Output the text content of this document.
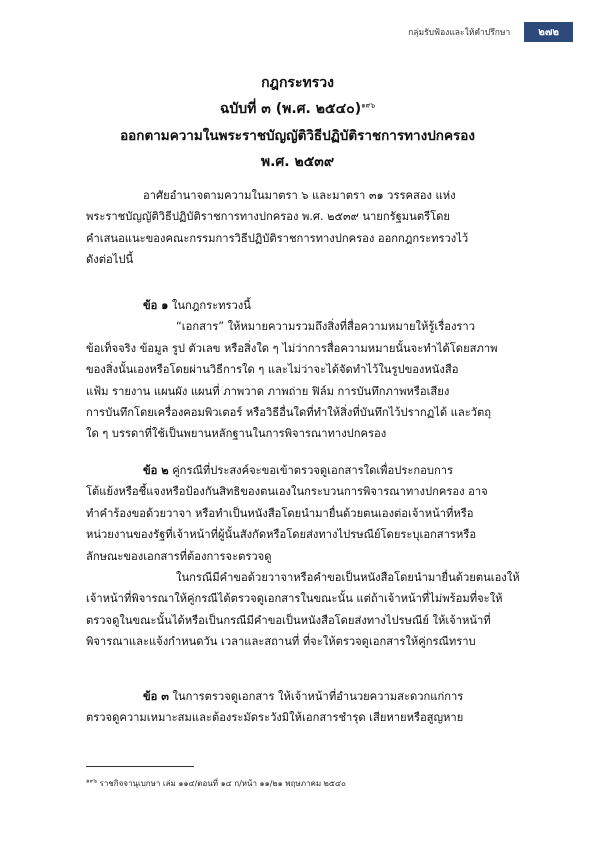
กลุ่มรับฟ้องและให้คำปรึกษา	๒๗๒
กฎกระทรวง
ฉบับที่ ๓ (พ.ศ. ๒๕๔๐)$^{๑๙๖}$
ออกตามความในพระราชบัญญัติวิธีปฏิบัติราชการทางปกครอง
พ.ศ. ๒๕๓๙
อาศัยอำนาจตามความในมาตรา ๖ และมาตรา ๓๑ วรรคสอง แห่ง
พระราชบัญญัติวิธีปฏิบัติราชการทางปกครอง พ.ศ. ๒๕๓๙ นายกรัฐมนตรีโดย
คำเสนอแนะของคณะกรรมการวิธีปฏิบัติราชการทางปกครอง ออกกฎกระทรวงไว้
ดังต่อไปนี้
ข้อ ๑ ในกฎกระทรวงนี้
“เอกสาร” ให้หมายความรวมถึงสิ่งที่สื่อความหมายให้รู้เรื่องราว
ข้อเท็จจริง ข้อมูล รูป ตัวเลข หรือสิ่งใด ๆ ไม่ว่าการสื่อความหมายนั้นจะทำได้โดยสภาพ
ของสิ่งนั้นเองหรือโดยผ่านวิธีการใด ๆ และไม่ว่าจะได้จัดทำไว้ในรูปของหนังสือ
แฟ้ม รายงาน แผนผัง แผนที่ ภาพวาด ภาพถ่าย ฟิล์ม การบันทึกภาพหรือเสียง
การบันทึกโดยเครื่องคอมพิวเตอร์ หรือวิธีอื่นใดที่ทำให้สิ่งที่บันทึกไว้ปรากฏได้ และวัตถุ
ใด ๆ บรรดาที่ใช้เป็นพยานหลักฐานในการพิจารณาทางปกครอง
ข้อ ๒ คู่กรณีที่ประสงค์จะขอเข้าตรวจดูเอกสารใดเพื่อประกอบการ
โต้แย้งหรือชี้แจงหรือป้องกันสิทธิของตนเองในกระบวนการพิจารณาทางปกครอง อาจ
ทำคำร้องขอด้วยวาจา หรือทำเป็นหนังสือโดยนำมายื่นด้วยตนเองต่อเจ้าหน้าที่หรือ
หน่วยงานของรัฐที่เจ้าหน้าที่ผู้นั้นสังกัดหรือโดยส่งทางไปรษณีย์โดยระบุเอกสารหรือ
ลักษณะของเอกสารที่ต้องการจะตรวจดู
ในกรณีมีคำขอด้วยวาจาหรือคำขอเป็นหนังสือโดยนำมายื่นด้วยตนเองให้
เจ้าหน้าที่พิจารณาให้คู่กรณีได้ตรวจดูเอกสารในขณะนั้น แต่ถ้าเจ้าหน้าที่ไม่พร้อมที่จะให้
ตรวจดูในขณะนั้นได้หรือเป็นกรณีมีคำขอเป็นหนังสือโดยส่งทางไปรษณีย์ ให้เจ้าหน้าที่
พิจารณาและแจ้งกำหนดวัน เวลาและสถานที่ ที่จะให้ตรวจดูเอกสารให้คู่กรณีทราบ
ข้อ ๓ ในการตรวจดูเอกสาร ให้เจ้าหน้าที่อำนวยความสะดวกแก่การ
ตรวจดูความเหมาะสมและต้องระมัดระวังมิให้เอกสารชำรุด เสียหายหรือสูญหาย
$^{๑๙๖}$ ราชกิจจานุเบกษา เล่ม ๑๑๔/ตอนที่ ๑๔ ก/หน้า ๑๑/๒๑ พฤษภาคม ๒๕๔๐
